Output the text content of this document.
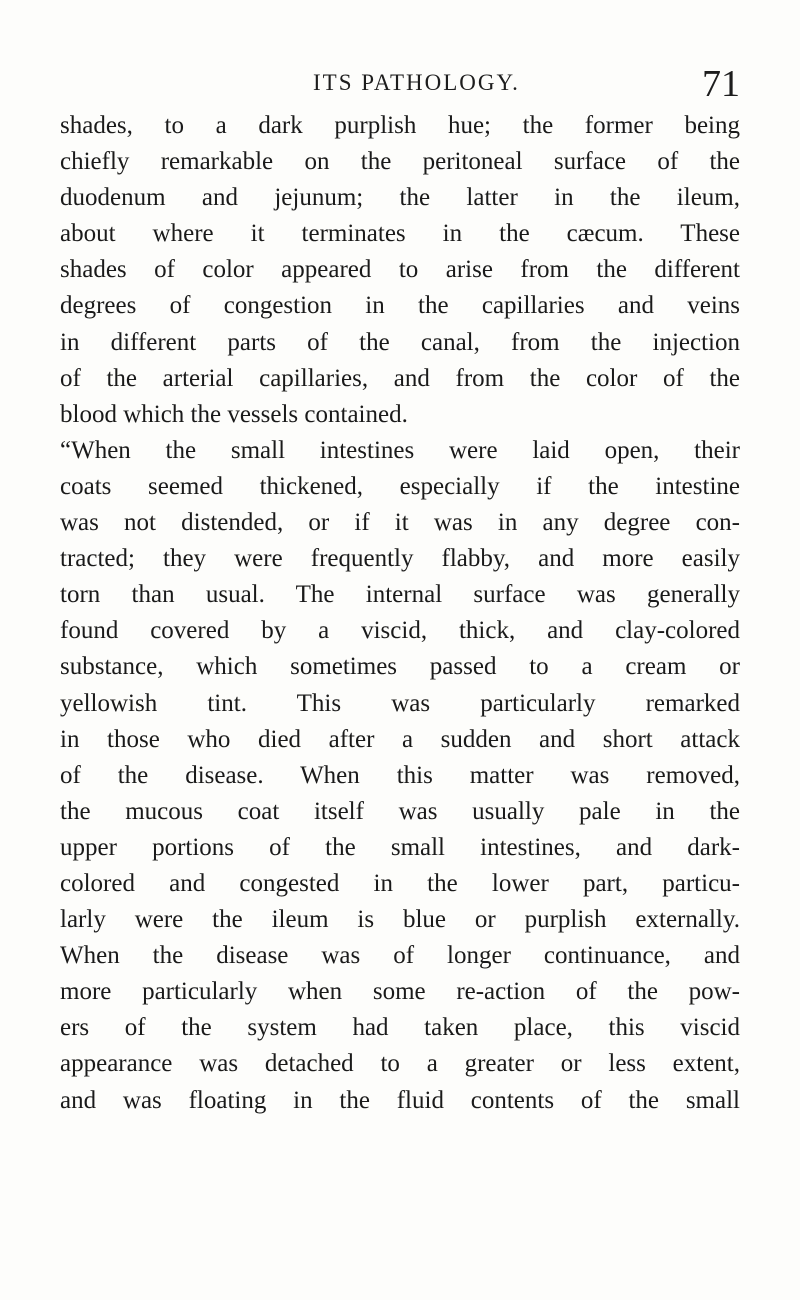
ITS PATHOLOGY.	71
shades, to a dark purplish hue; the former being
chiefly remarkable on the peritoneal surface of the
duodenum and jejunum; the latter in the ileum,
about where it terminates in the cæcum. These
shades of color appeared to arise from the different
degrees of congestion in the capillaries and veins
in different parts of the canal, from the injection
of the arterial capillaries, and from the color of the
blood which the vessels contained.
“When the small intestines were laid open, their
coats seemed thickened, especially if the intestine
was not distended, or if it was in any degree con-
tracted; they were frequently flabby, and more easily
torn than usual. The internal surface was generally
found covered by a viscid, thick, and clay-colored
substance, which sometimes passed to a cream or
yellowish tint. This was particularly remarked
in those who died after a sudden and short attack
of the disease. When this matter was removed,
the mucous coat itself was usually pale in the
upper portions of the small intestines, and dark-
colored and congested in the lower part, particu-
larly were the ileum is blue or purplish externally.
When the disease was of longer continuance, and
more particularly when some re-action of the pow-
ers of the system had taken place, this viscid
appearance was detached to a greater or less extent,
and was floating in the fluid contents of the small
